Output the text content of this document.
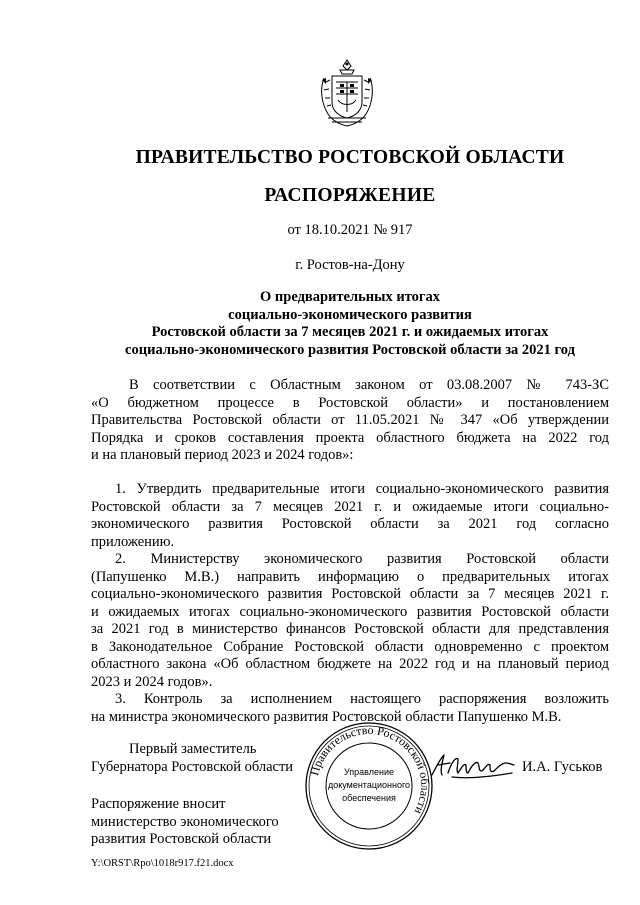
ПРАВИТЕЛЬСТВО РОСТОВСКОЙ ОБЛАСТИ
РАСПОРЯЖЕНИЕ
от 18.10.2021 № 917
г. Ростов-на-Дону
О предварительных итогах
социально-экономического развития
Ростовской области за 7 месяцев 2021 г. и ожидаемых итогах
социально-экономического развития Ростовской области за 2021 год
В соответствии с Областным законом от 03.08.2007 № 743-ЗС
«О бюджетном процессе в Ростовской области» и постановлением
Правительства Ростовской области от 11.05.2021 № 347 «Об утверждении
Порядка и сроков составления проекта областного бюджета на 2022 год
и на плановый период 2023 и 2024 годов»:
1. Утвердить предварительные итоги социально-экономического развития
Ростовской области за 7 месяцев 2021 г. и ожидаемые итоги социально-
экономического развития Ростовской области за 2021 год согласно
приложению.
2. Министерству экономического развития Ростовской области
(Папушенко М.В.) направить информацию о предварительных итогах
социально-экономического развития Ростовской области за 7 месяцев 2021 г.
и ожидаемых итогах социально-экономического развития Ростовской области
за 2021 год в министерство финансов Ростовской области для представления
в Законодательное Собрание Ростовской области одновременно с проектом
областного закона «Об областном бюджете на 2022 год и на плановый период
2023 и 2024 годов».
3. Контроль за исполнением настоящего распоряжения возложить
на министра экономического развития Ростовской области Папушенко М.В.
Первый заместитель
Губернатора Ростовской области Правительство Ростовской области
Управление
документационного
обеспечения
И.А. Гуськов
Распоряжение вносит
министерство экономического
развития Ростовской области
Y:\ORST\Rpo\1018r917.f21.docx
